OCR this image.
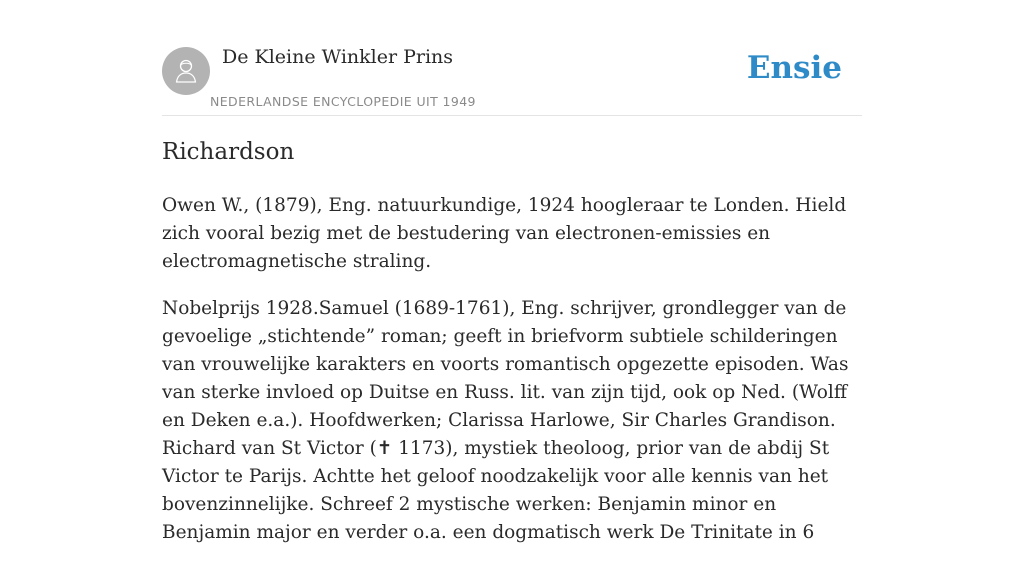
De Kleine Winkler Prins
NEDERLANDSE ENCYCLOPEDIE UIT 1949
Ensie
Richardson

Owen W., (1879), Eng. natuurkundige, 1924 hoogleraar te Londen. Hield zich vooral bezig met de bestudering van electronen-emissies en electromagnetische straling.

Nobelprijs 1928.Samuel (1689-1761), Eng. schrijver, grondlegger van de gevoelige „stichtende” roman; geeft in briefvorm subtiele schilderingen van vrouwelijke karakters en voorts romantisch opgezette episoden. Was van sterke invloed op Duitse en Russ. lit. van zijn tijd, ook op Ned. (Wolff en Deken e.a.). Hoofdwerken; Clarissa Harlowe, Sir Charles Grandison. Richard van St Victor (✝ 1173), mystiek theoloog, prior van de abdij St Victor te Parijs. Achtte het geloof noodzakelijk voor alle kennis van het bovenzinnelijke. Schreef 2 mystische werken: Benjamin minor en Benjamin major en verder o.a. een dogmatisch werk De Trinitate in 6
